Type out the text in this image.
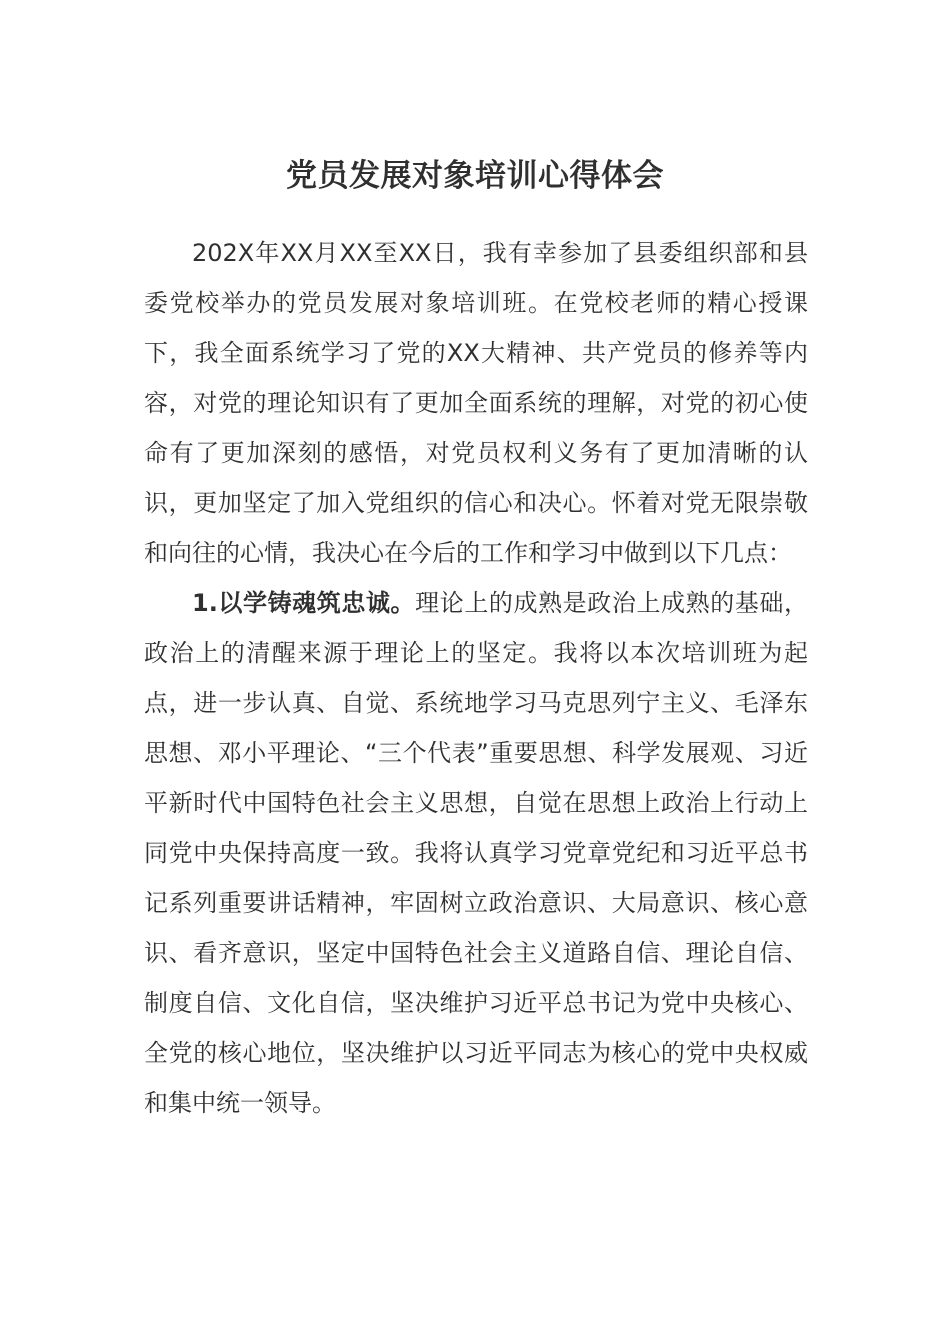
党员发展对象培训心得体会

202X年XX月XX至XX日，我有幸参加了县委组织部和县委党校举办的党员发展对象培训班。在党校老师的精心授课下，我全面系统学习了党的XX大精神、共产党员的修养等内容，对党的理论知识有了更加全面系统的理解，对党的初心使命有了更加深刻的感悟，对党员权利义务有了更加清晰的认识，更加坚定了加入党组织的信心和决心。怀着对党无限崇敬和向往的心情，我决心在今后的工作和学习中做到以下几点：

1.以学铸魂筑忠诚。理论上的成熟是政治上成熟的基础，政治上的清醒来源于理论上的坚定。我将以本次培训班为起点，进一步认真、自觉、系统地学习马克思列宁主义、毛泽东思想、邓小平理论、“三个代表”重要思想、科学发展观、习近平新时代中国特色社会主义思想，自觉在思想上政治上行动上同党中央保持高度一致。我将认真学习党章党纪和习近平总书记系列重要讲话精神，牢固树立政治意识、大局意识、核心意识、看齐意识，坚定中国特色社会主义道路自信、理论自信、制度自信、文化自信，坚决维护习近平总书记为党中央核心、全党的核心地位，坚决维护以习近平同志为核心的党中央权威和集中统一领导。
